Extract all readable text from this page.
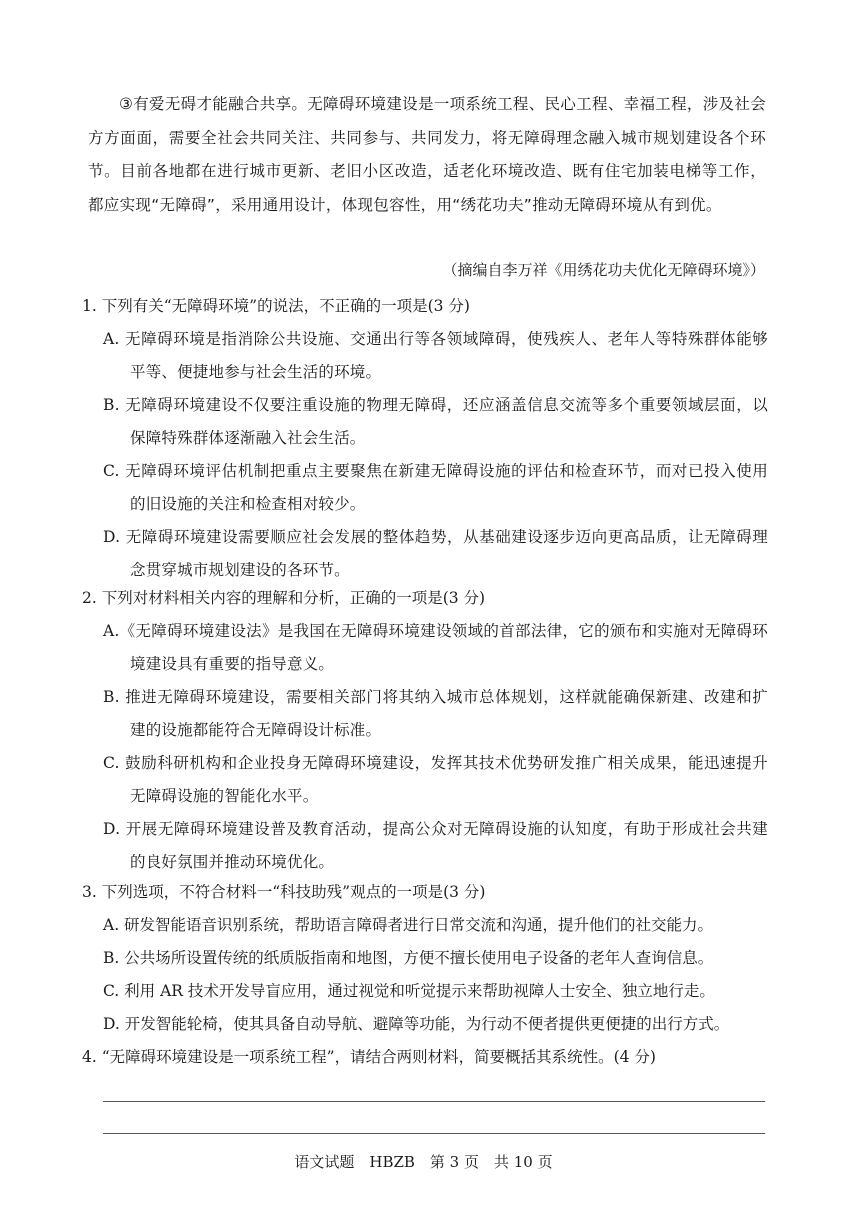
③有爱无碍才能融合共享。无障碍环境建设是一项系统工程、民心工程、幸福工程，涉及社会方方面面，需要全社会共同关注、共同参与、共同发力，将无障碍理念融入城市规划建设各个环节。目前各地都在进行城市更新、老旧小区改造，适老化环境改造、既有住宅加装电梯等工作，都应实现“无障碍”，采用通用设计，体现包容性，用“绣花功夫”推动无障碍环境从有到优。

（摘编自李万祥《用绣花功夫优化无障碍环境》）

1. 下列有关“无障碍环境”的说法，不正确的一项是(3 分)

A. 无障碍环境是指消除公共设施、交通出行等各领域障碍，使残疾人、老年人等特殊群体能够平等、便捷地参与社会生活的环境。

B. 无障碍环境建设不仅要注重设施的物理无障碍，还应涵盖信息交流等多个重要领域层面，以保障特殊群体逐渐融入社会生活。

C. 无障碍环境评估机制把重点主要聚焦在新建无障碍设施的评估和检查环节，而对已投入使用的旧设施的关注和检查相对较少。

D. 无障碍环境建设需要顺应社会发展的整体趋势，从基础建设逐步迈向更高品质，让无障碍理念贯穿城市规划建设的各环节。

2. 下列对材料相关内容的理解和分析，正确的一项是(3 分)

A.《无障碍环境建设法》是我国在无障碍环境建设领域的首部法律，它的颁布和实施对无障碍环境建设具有重要的指导意义。

B. 推进无障碍环境建设，需要相关部门将其纳入城市总体规划，这样就能确保新建、改建和扩建的设施都能符合无障碍设计标准。

C. 鼓励科研机构和企业投身无障碍环境建设，发挥其技术优势研发推广相关成果，能迅速提升无障碍设施的智能化水平。

D. 开展无障碍环境建设普及教育活动，提高公众对无障碍设施的认知度，有助于形成社会共建的良好氛围并推动环境优化。

3. 下列选项，不符合材料一“科技助残”观点的一项是(3 分)

A. 研发智能语音识别系统，帮助语言障碍者进行日常交流和沟通，提升他们的社交能力。

B. 公共场所设置传统的纸质版指南和地图，方便不擅长使用电子设备的老年人查询信息。

C. 利用 AR 技术开发导盲应用，通过视觉和听觉提示来帮助视障人士安全、独立地行走。

D. 开发智能轮椅，使其具备自动导航、避障等功能，为行动不便者提供更便捷的出行方式。

4. “无障碍环境建设是一项系统工程”，请结合两则材料，简要概括其系统性。(4 分)

语文试题　HBZB　第 3 页　共 10 页
